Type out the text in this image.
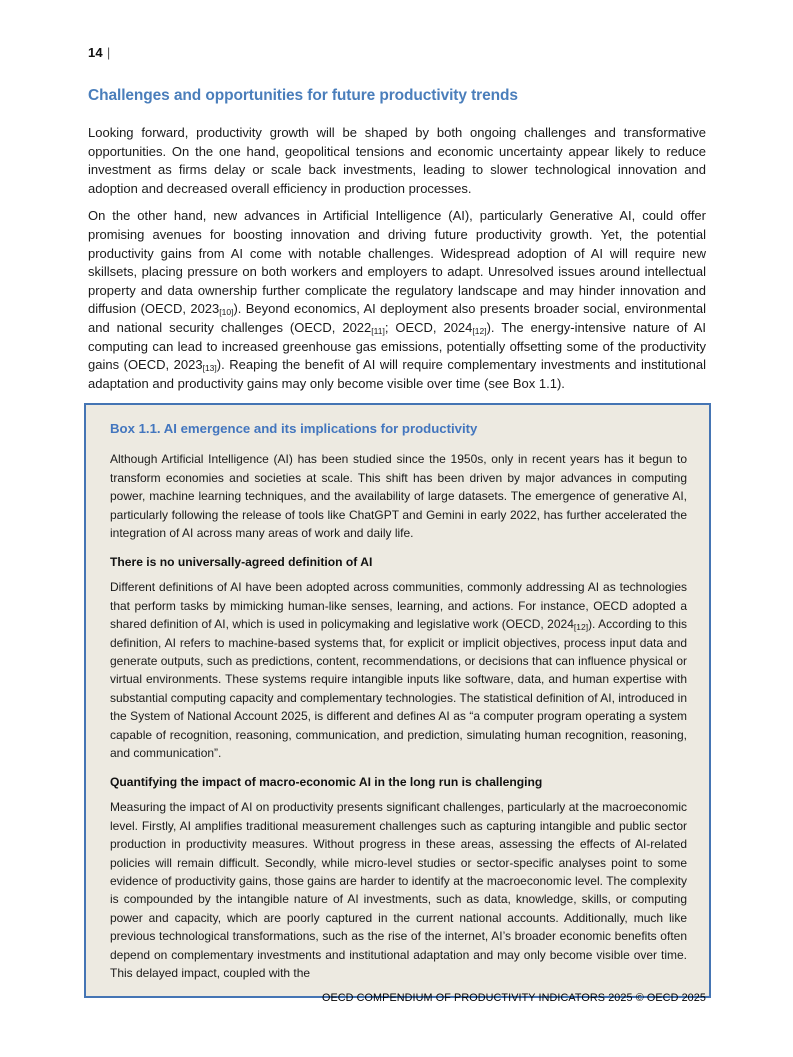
14 |
Challenges and opportunities for future productivity trends

Looking forward, productivity growth will be shaped by both ongoing challenges and transformative opportunities. On the one hand, geopolitical tensions and economic uncertainty appear likely to reduce investment as firms delay or scale back investments, leading to slower technological innovation and adoption and decreased overall efficiency in production processes.

On the other hand, new advances in Artificial Intelligence (AI), particularly Generative AI, could offer promising avenues for boosting innovation and driving future productivity growth. Yet, the potential productivity gains from AI come with notable challenges. Widespread adoption of AI will require new skillsets, placing pressure on both workers and employers to adapt. Unresolved issues around intellectual property and data ownership further complicate the regulatory landscape and may hinder innovation and diffusion (OECD, $2023_{[10]}$). Beyond economics, AI deployment also presents broader social, environmental and national security challenges (OECD, $2022_{[11]}$; OECD, $2024_{[12]}$). The energy-intensive nature of AI computing can lead to increased greenhouse gas emissions, potentially offsetting some of the productivity gains (OECD, $2023_{[13]}$). Reaping the benefit of AI will require complementary investments and institutional adaptation and productivity gains may only become visible over time (see Box 1.1).

Box 1.1. AI emergence and its implications for productivity

Although Artificial Intelligence (AI) has been studied since the 1950s, only in recent years has it begun to transform economies and societies at scale. This shift has been driven by major advances in computing power, machine learning techniques, and the availability of large datasets. The emergence of generative AI, particularly following the release of tools like ChatGPT and Gemini in early 2022, has further accelerated the integration of AI across many areas of work and daily life.

There is no universally-agreed definition of AI

Different definitions of AI have been adopted across communities, commonly addressing AI as technologies that perform tasks by mimicking human-like senses, learning, and actions. For instance, OECD adopted a shared definition of AI, which is used in policymaking and legislative work (OECD, $2024_{[12]}$). According to this definition, AI refers to machine-based systems that, for explicit or implicit objectives, process input data and generate outputs, such as predictions, content, recommendations, or decisions that can influence physical or virtual environments. These systems require intangible inputs like software, data, and human expertise with substantial computing capacity and complementary technologies. The statistical definition of AI, introduced in the System of National Account 2025, is different and defines AI as “a computer program operating a system capable of recognition, reasoning, communication, and prediction, simulating human recognition, reasoning, and communication”.

Quantifying the impact of macro-economic AI in the long run is challenging

Measuring the impact of AI on productivity presents significant challenges, particularly at the macroeconomic level. Firstly, AI amplifies traditional measurement challenges such as capturing intangible and public sector production in productivity measures. Without progress in these areas, assessing the effects of AI-related policies will remain difficult. Secondly, while micro-level studies or sector-specific analyses point to some evidence of productivity gains, those gains are harder to identify at the macroeconomic level. The complexity is compounded by the intangible nature of AI investments, such as data, knowledge, skills, or computing power and capacity, which are poorly captured in the current national accounts. Additionally, much like previous technological transformations, such as the rise of the internet, AI’s broader economic benefits often depend on complementary investments and institutional adaptation and may only become visible over time. This delayed impact, coupled with the

OECD COMPENDIUM OF PRODUCTIVITY INDICATORS 2025 © OECD 2025
